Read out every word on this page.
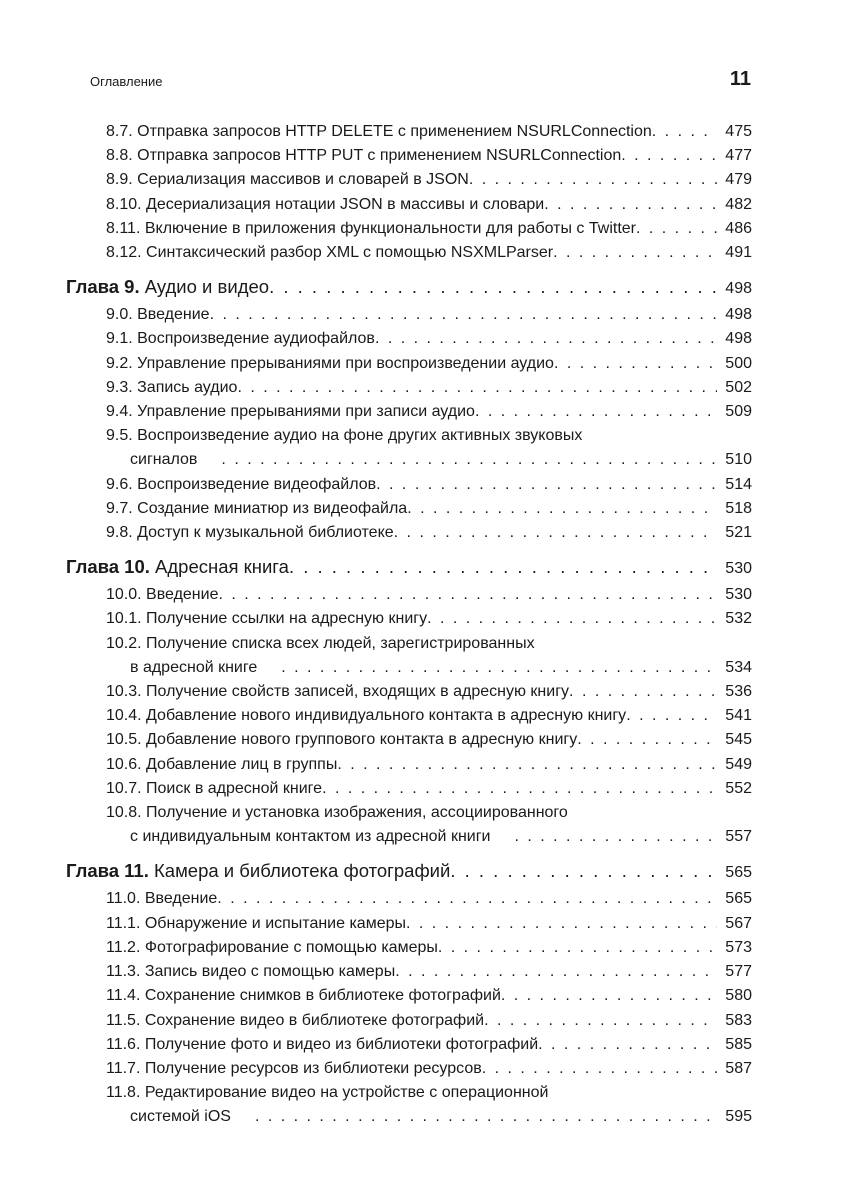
Оглавление	11
8.7. Отправка запросов HTTP DELETE с применением NSURLConnection . . .	475
8.8. Отправка запросов HTTP PUT с применением NSURLConnection . . .	477
8.9. Сериализация массивов и словарей в JSON . . .	479
8.10. Десериализация нотации JSON в массивы и словари . . .	482
8.11. Включение в приложения функциональности для работы с Twitter . . .	486
8.12. Синтаксический разбор XML с помощью NSXMLParser . . .	491
Глава 9. Аудио и видео . . .	498
9.0. Введение . . .	498
9.1. Воспроизведение аудиофайлов . . .	498
9.2. Управление прерываниями при воспроизведении аудио . . .	500
9.3. Запись аудио . . .	502
9.4. Управление прерываниями при записи аудио . . .	509
9.5. Воспроизведение аудио на фоне других активных звуковых
сигналов . . .	510
9.6. Воспроизведение видеофайлов . . .	514
9.7. Создание миниатюр из видеофайла . . .	518
9.8. Доступ к музыкальной библиотеке . . .	521
Глава 10. Адресная книга . . .	530
10.0. Введение . . .	530
10.1. Получение ссылки на адресную книгу . . .	532
10.2. Получение списка всех людей, зарегистрированных
в адресной книге . . .	534
10.3. Получение свойств записей, входящих в адресную книгу . . .	536
10.4. Добавление нового индивидуального контакта в адресную книгу . . .	541
10.5. Добавление нового группового контакта в адресную книгу . . .	545
10.6. Добавление лиц в группы . . .	549
10.7. Поиск в адресной книге . . .	552
10.8. Получение и установка изображения, ассоциированного
с индивидуальным контактом из адресной книги . . .	557
Глава 11. Камера и библиотека фотографий . . .	565
11.0. Введение . . .	565
11.1. Обнаружение и испытание камеры . . .	567
11.2. Фотографирование с помощью камеры . . .	573
11.3. Запись видео с помощью камеры . . .	577
11.4. Сохранение снимков в библиотеке фотографий . . .	580
11.5. Сохранение видео в библиотеке фотографий . . .	583
11.6. Получение фото и видео из библиотеки фотографий . . .	585
11.7. Получение ресурсов из библиотеки ресурсов . . .	587
11.8. Редактирование видео на устройстве с операционной
системой iOS . . .	595
